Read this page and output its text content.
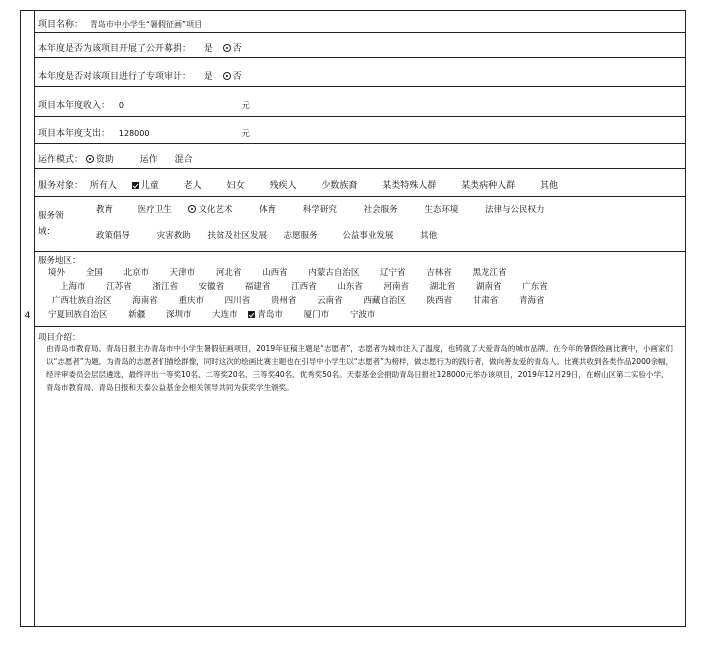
4
项目名称： 青岛市中小学生“暑假征画”项目
本年度是否为该项目开展了公开募捐： 是 否
本年度是否对该项目进行了专项审计： 是 否
项目本年度收入： 0	元
项目本年度支出： 128000	元
运作模式： 资助	运作 混合
服务对象： 所有人	儿童	老人	妇女	残疾人	少数族裔	某类特殊人群	某类病种人群	其他
服务领
域：
教育	医疗卫生	文化艺术	体育	科学研究	社会服务	生态环境	法律与公民权力
政策倡导	灾害救助 扶贫及社区发展 志愿服务	公益事业发展	其他
服务地区：
境外 全国 北京市 天津市 河北省 山西省 内蒙古自治区 辽宁省 吉林省 黑龙江省
上海市 江苏省 浙江省 安徽省 福建省 江西省 山东省 河南省 湖北省 湖南省 广东省
广西壮族自治区 海南省 重庆市 四川省 贵州省 云南省 西藏自治区 陕西省 甘肃省 青海省
宁夏回族自治区 新疆 深圳市 大连市 青岛市 厦门市 宁波市
项目介绍：
由青岛市教育局、青岛日报主办青岛市中小学生暑假征画项目，2019年征稿主题是“志愿者”，志愿者为城市注入了温度，也铸就了大爱青岛的城市品牌。在今年的暑假绘画比赛中，小画家们以“志愿者”为题，为青岛的志愿者们描绘群像，同时这次的绘画比赛主题也在引导中小学生以“志愿者”为榜样，做志愿行为的践行者，做向善友爱的青岛人。比赛共收到各类作品2000余幅，经评审委员会层层遴选，最终评出一等奖10名、二等奖20名、三等奖40名、优秀奖50名。天泰基金会捐助青岛日报社128000元举办该项目，2019年12月29日，在崂山区第二实验小学，青岛市教育局、青岛日报和天泰公益基金会相关领导共同为获奖学生颁奖。
